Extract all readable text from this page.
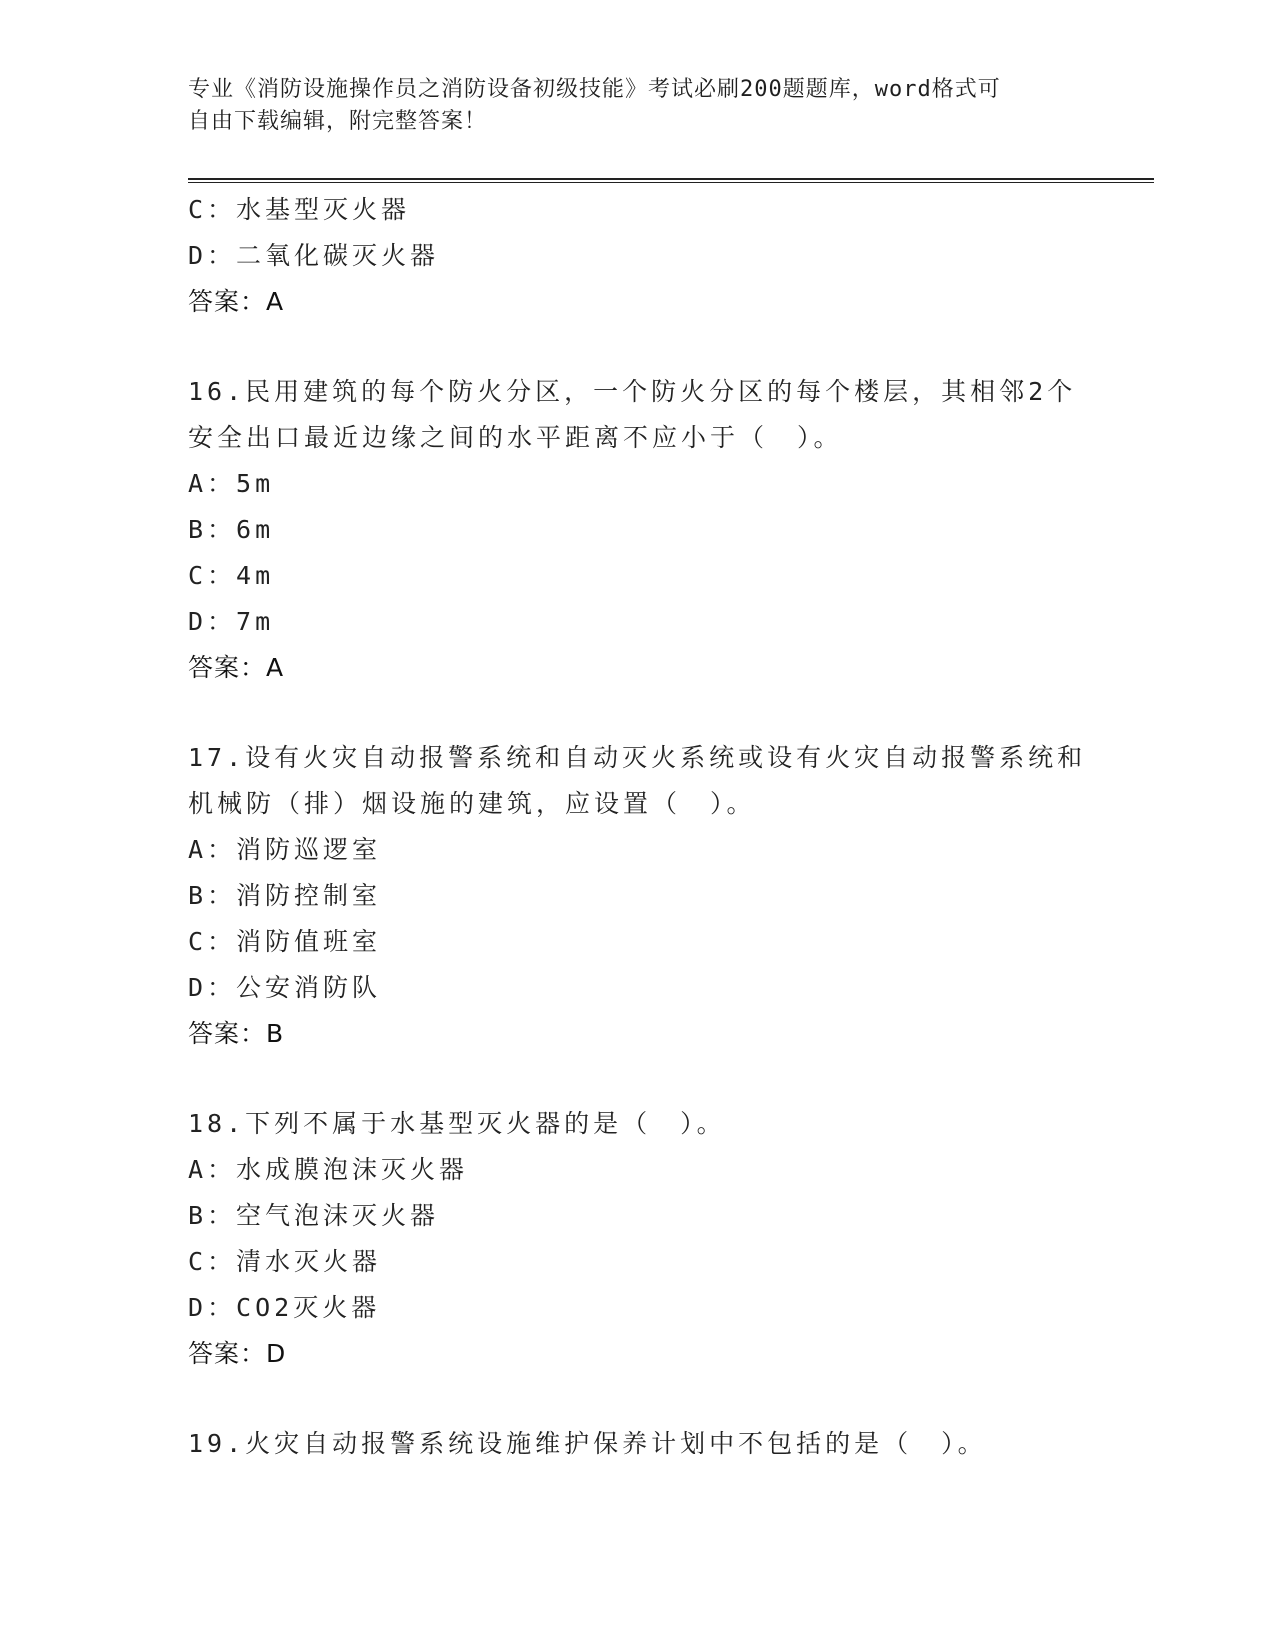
专业《消防设施操作员之消防设备初级技能》考试必刷200题题库，word格式可
自由下载编辑，附完整答案！
C：水基型灭火器
D：二氧化碳灭火器
答案：A
16.民用建筑的每个防火分区，一个防火分区的每个楼层，其相邻2个
安全出口最近边缘之间的水平距离不应小于（　）。
A：5m
B：6m
C：4m
D：7m
答案：A
17.设有火灾自动报警系统和自动灭火系统或设有火灾自动报警系统和
机械防（排）烟设施的建筑，应设置（　）。
A：消防巡逻室
B：消防控制室
C：消防值班室
D：公安消防队
答案：B
18.下列不属于水基型灭火器的是（　）。
A：水成膜泡沫灭火器
B：空气泡沫灭火器
C：清水灭火器
D：CO2灭火器
答案：D
19.火灾自动报警系统设施维护保养计划中不包括的是（　）。
